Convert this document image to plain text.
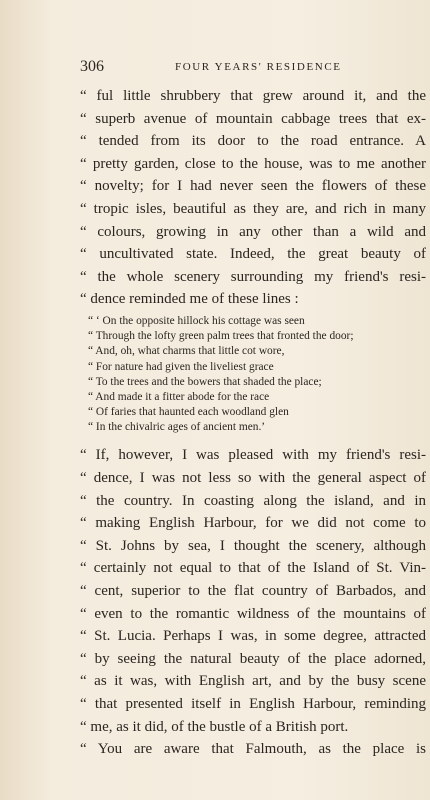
306	FOUR YEARS' RESIDENCE
“ ful little shrubbery that grew around it, and the
“ superb avenue of mountain cabbage trees that ex-
“ tended from its door to the road entrance. A
“ pretty garden, close to the house, was to me another
“ novelty; for I had never seen the flowers of these
“ tropic isles, beautiful as they are, and rich in many
“ colours, growing in any other than a wild and
“ uncultivated state. Indeed, the great beauty of
“ the whole scenery surrounding my friend's resi-
“ dence reminded me of these lines :
“ ‘ On the opposite hillock his cottage was seen
“ Through the lofty green palm trees that fronted the door;
“ And, oh, what charms that little cot wore,
“ For nature had given the liveliest grace
“ To the trees and the bowers that shaded the place;
“ And made it a fitter abode for the race
“ Of faries that haunted each woodland glen
“ In the chivalric ages of ancient men.’
“ If, however, I was pleased with my friend's resi-
“ dence, I was not less so with the general aspect of
“ the country. In coasting along the island, and in
“ making English Harbour, for we did not come to
“ St. Johns by sea, I thought the scenery, although
“ certainly not equal to that of the Island of St. Vin-
“ cent, superior to the flat country of Barbados, and
“ even to the romantic wildness of the mountains of
“ St. Lucia. Perhaps I was, in some degree, attracted
“ by seeing the natural beauty of the place adorned,
“ as it was, with English art, and by the busy scene
“ that presented itself in English Harbour, reminding
“ me, as it did, of the bustle of a British port.
“ You are aware that Falmouth, as the place is
